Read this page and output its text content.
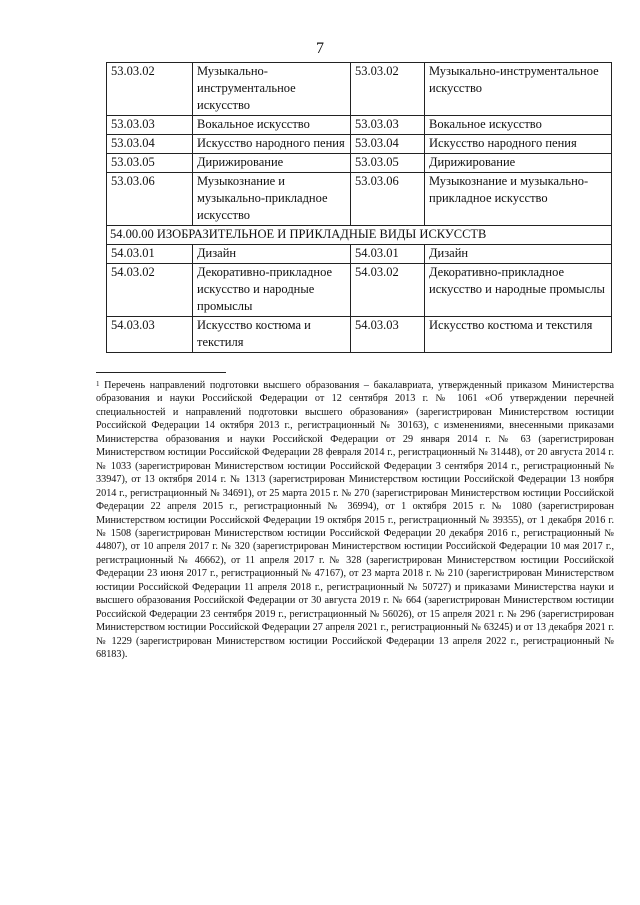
7
53.03.02	Музыкально-инструментальное искусство	53.03.02	Музыкально-инструментальное искусство
53.03.03	Вокальное искусство	53.03.03	Вокальное искусство
53.03.04	Искусство народного пения	53.03.04	Искусство народного пения
53.03.05	Дирижирование	53.03.05	Дирижирование
53.03.06	Музыкознание и музыкально-прикладное искусство	53.03.06	Музыкознание и музыкально-прикладное искусство
54.00.00 ИЗОБРАЗИТЕЛЬНОЕ И ПРИКЛАДНЫЕ ВИДЫ ИСКУССТВ			
54.03.01	Дизайн	54.03.01	Дизайн
54.03.02	Декоративно-прикладное искусство и народные промыслы	54.03.02	Декоративно-прикладное искусство и народные промыслы
54.03.03	Искусство костюма и текстиля	54.03.03	Искусство костюма и текстиля
$^1$ Перечень направлений подготовки высшего образования – бакалавриата, утвержденный приказом Министерства образования и науки Российской Федерации от 12 сентября 2013 г. № 1061 «Об утверждении перечней специальностей и направлений подготовки высшего образования» (зарегистрирован Министерством юстиции Российской Федерации 14 октября 2013 г., регистрационный № 30163), с изменениями, внесенными приказами Министерства образования и науки Российской Федерации от 29 января 2014 г. № 63 (зарегистрирован Министерством юстиции Российской Федерации 28 февраля 2014 г., регистрационный № 31448), от 20 августа 2014 г. № 1033 (зарегистрирован Министерством юстиции Российской Федерации 3 сентября 2014 г., регистрационный № 33947), от 13 октября 2014 г. № 1313 (зарегистрирован Министерством юстиции Российской Федерации 13 ноября 2014 г., регистрационный № 34691), от 25 марта 2015 г. № 270 (зарегистрирован Министерством юстиции Российской Федерации 22 апреля 2015 г., регистрационный № 36994), от 1 октября 2015 г. № 1080 (зарегистрирован Министерством юстиции Российской Федерации 19 октября 2015 г., регистрационный № 39355), от 1 декабря 2016 г. № 1508 (зарегистрирован Министерством юстиции Российской Федерации 20 декабря 2016 г., регистрационный № 44807), от 10 апреля 2017 г. № 320 (зарегистрирован Министерством юстиции Российской Федерации 10 мая 2017 г., регистрационный № 46662), от 11 апреля 2017 г. № 328 (зарегистрирован Министерством юстиции Российской Федерации 23 июня 2017 г., регистрационный № 47167), от 23 марта 2018 г. № 210 (зарегистрирован Министерством юстиции Российской Федерации 11 апреля 2018 г., регистрационный № 50727) и приказами Министерства науки и высшего образования Российской Федерации от 30 августа 2019 г. № 664 (зарегистрирован Министерством юстиции Российской Федерации 23 сентября 2019 г., регистрационный № 56026), от 15 апреля 2021 г. № 296 (зарегистрирован Министерством юстиции Российской Федерации 27 апреля 2021 г., регистрационный № 63245) и от 13 декабря 2021 г. № 1229 (зарегистрирован Министерством юстиции Российской Федерации 13 апреля 2022 г., регистрационный № 68183).
